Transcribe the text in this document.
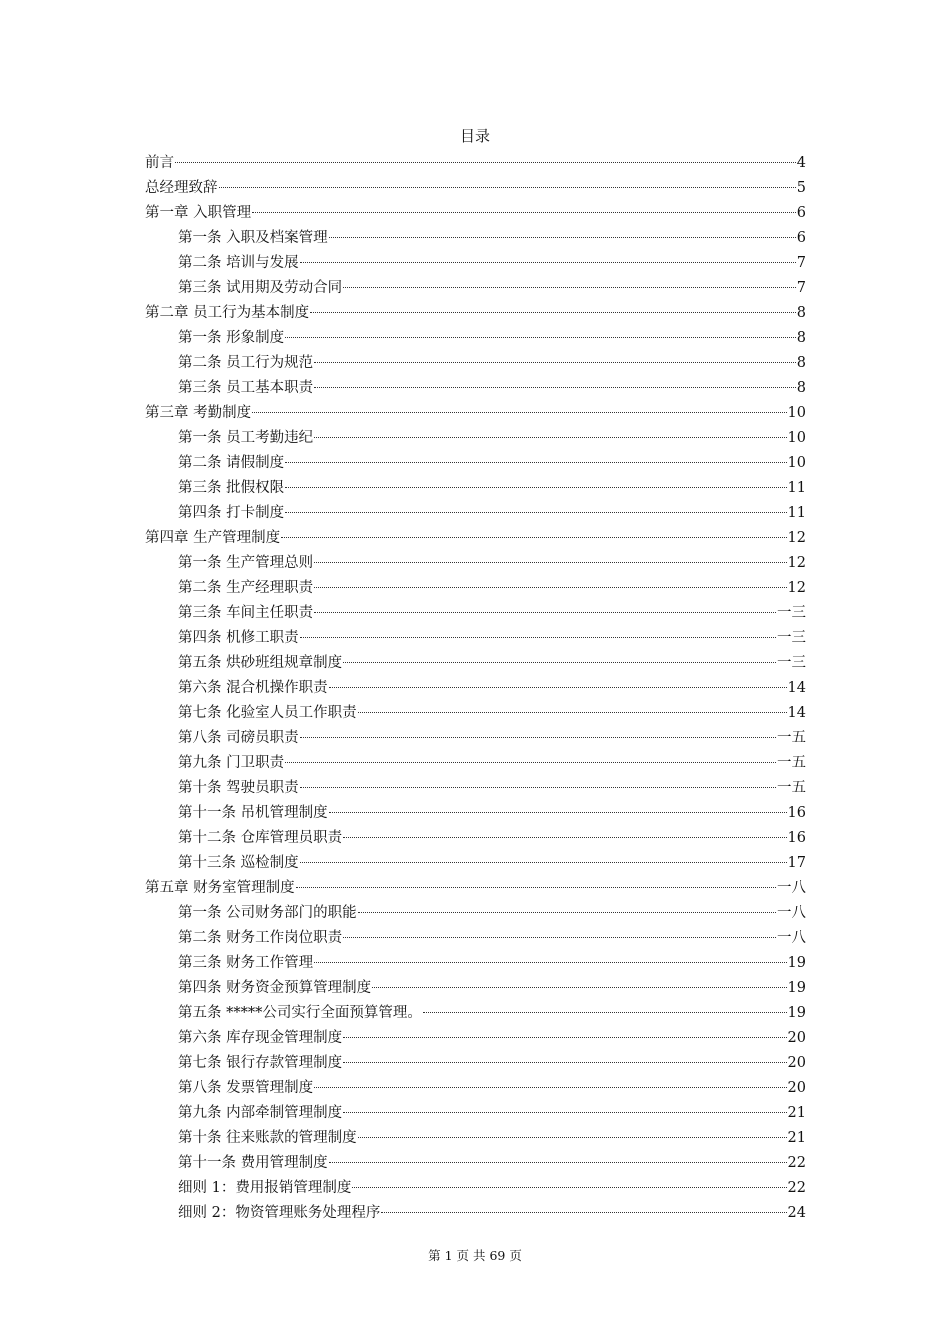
目录
前言	4
总经理致辞	5
第一章 入职管理	6
第一条 入职及档案管理	6
第二条 培训与发展	7
第三条 试用期及劳动合同	7
第二章 员工行为基本制度	8
第一条 形象制度	8
第二条 员工行为规范	8
第三条 员工基本职责	8
第三章 考勤制度	10
第一条 员工考勤违纪	10
第二条 请假制度	10
第三条 批假权限	11
第四条 打卡制度	11
第四章 生产管理制度	12
第一条 生产管理总则	12
第二条 生产经理职责	12
第三条 车间主任职责	一三
第四条 机修工职责	一三
第五条 烘砂班组规章制度	一三
第六条 混合机操作职责	14
第七条 化验室人员工作职责	14
第八条 司磅员职责	一五
第九条 门卫职责	一五
第十条 驾驶员职责	一五
第十一条 吊机管理制度	16
第十二条 仓库管理员职责	16
第十三条 巡检制度	17
第五章 财务室管理制度	一八
第一条 公司财务部门的职能	一八
第二条 财务工作岗位职责	一八
第三条 财务工作管理	19
第四条 财务资金预算管理制度	19
第五条 *****公司实行全面预算管理。	19
第六条 库存现金管理制度	20
第七条 银行存款管理制度	20
第八条 发票管理制度	20
第九条 内部牵制管理制度	21
第十条 往来账款的管理制度	21
第十一条 费用管理制度	22
细则 1：费用报销管理制度	22
细则 2：物资管理账务处理程序	24
第 1 页 共 69 页
